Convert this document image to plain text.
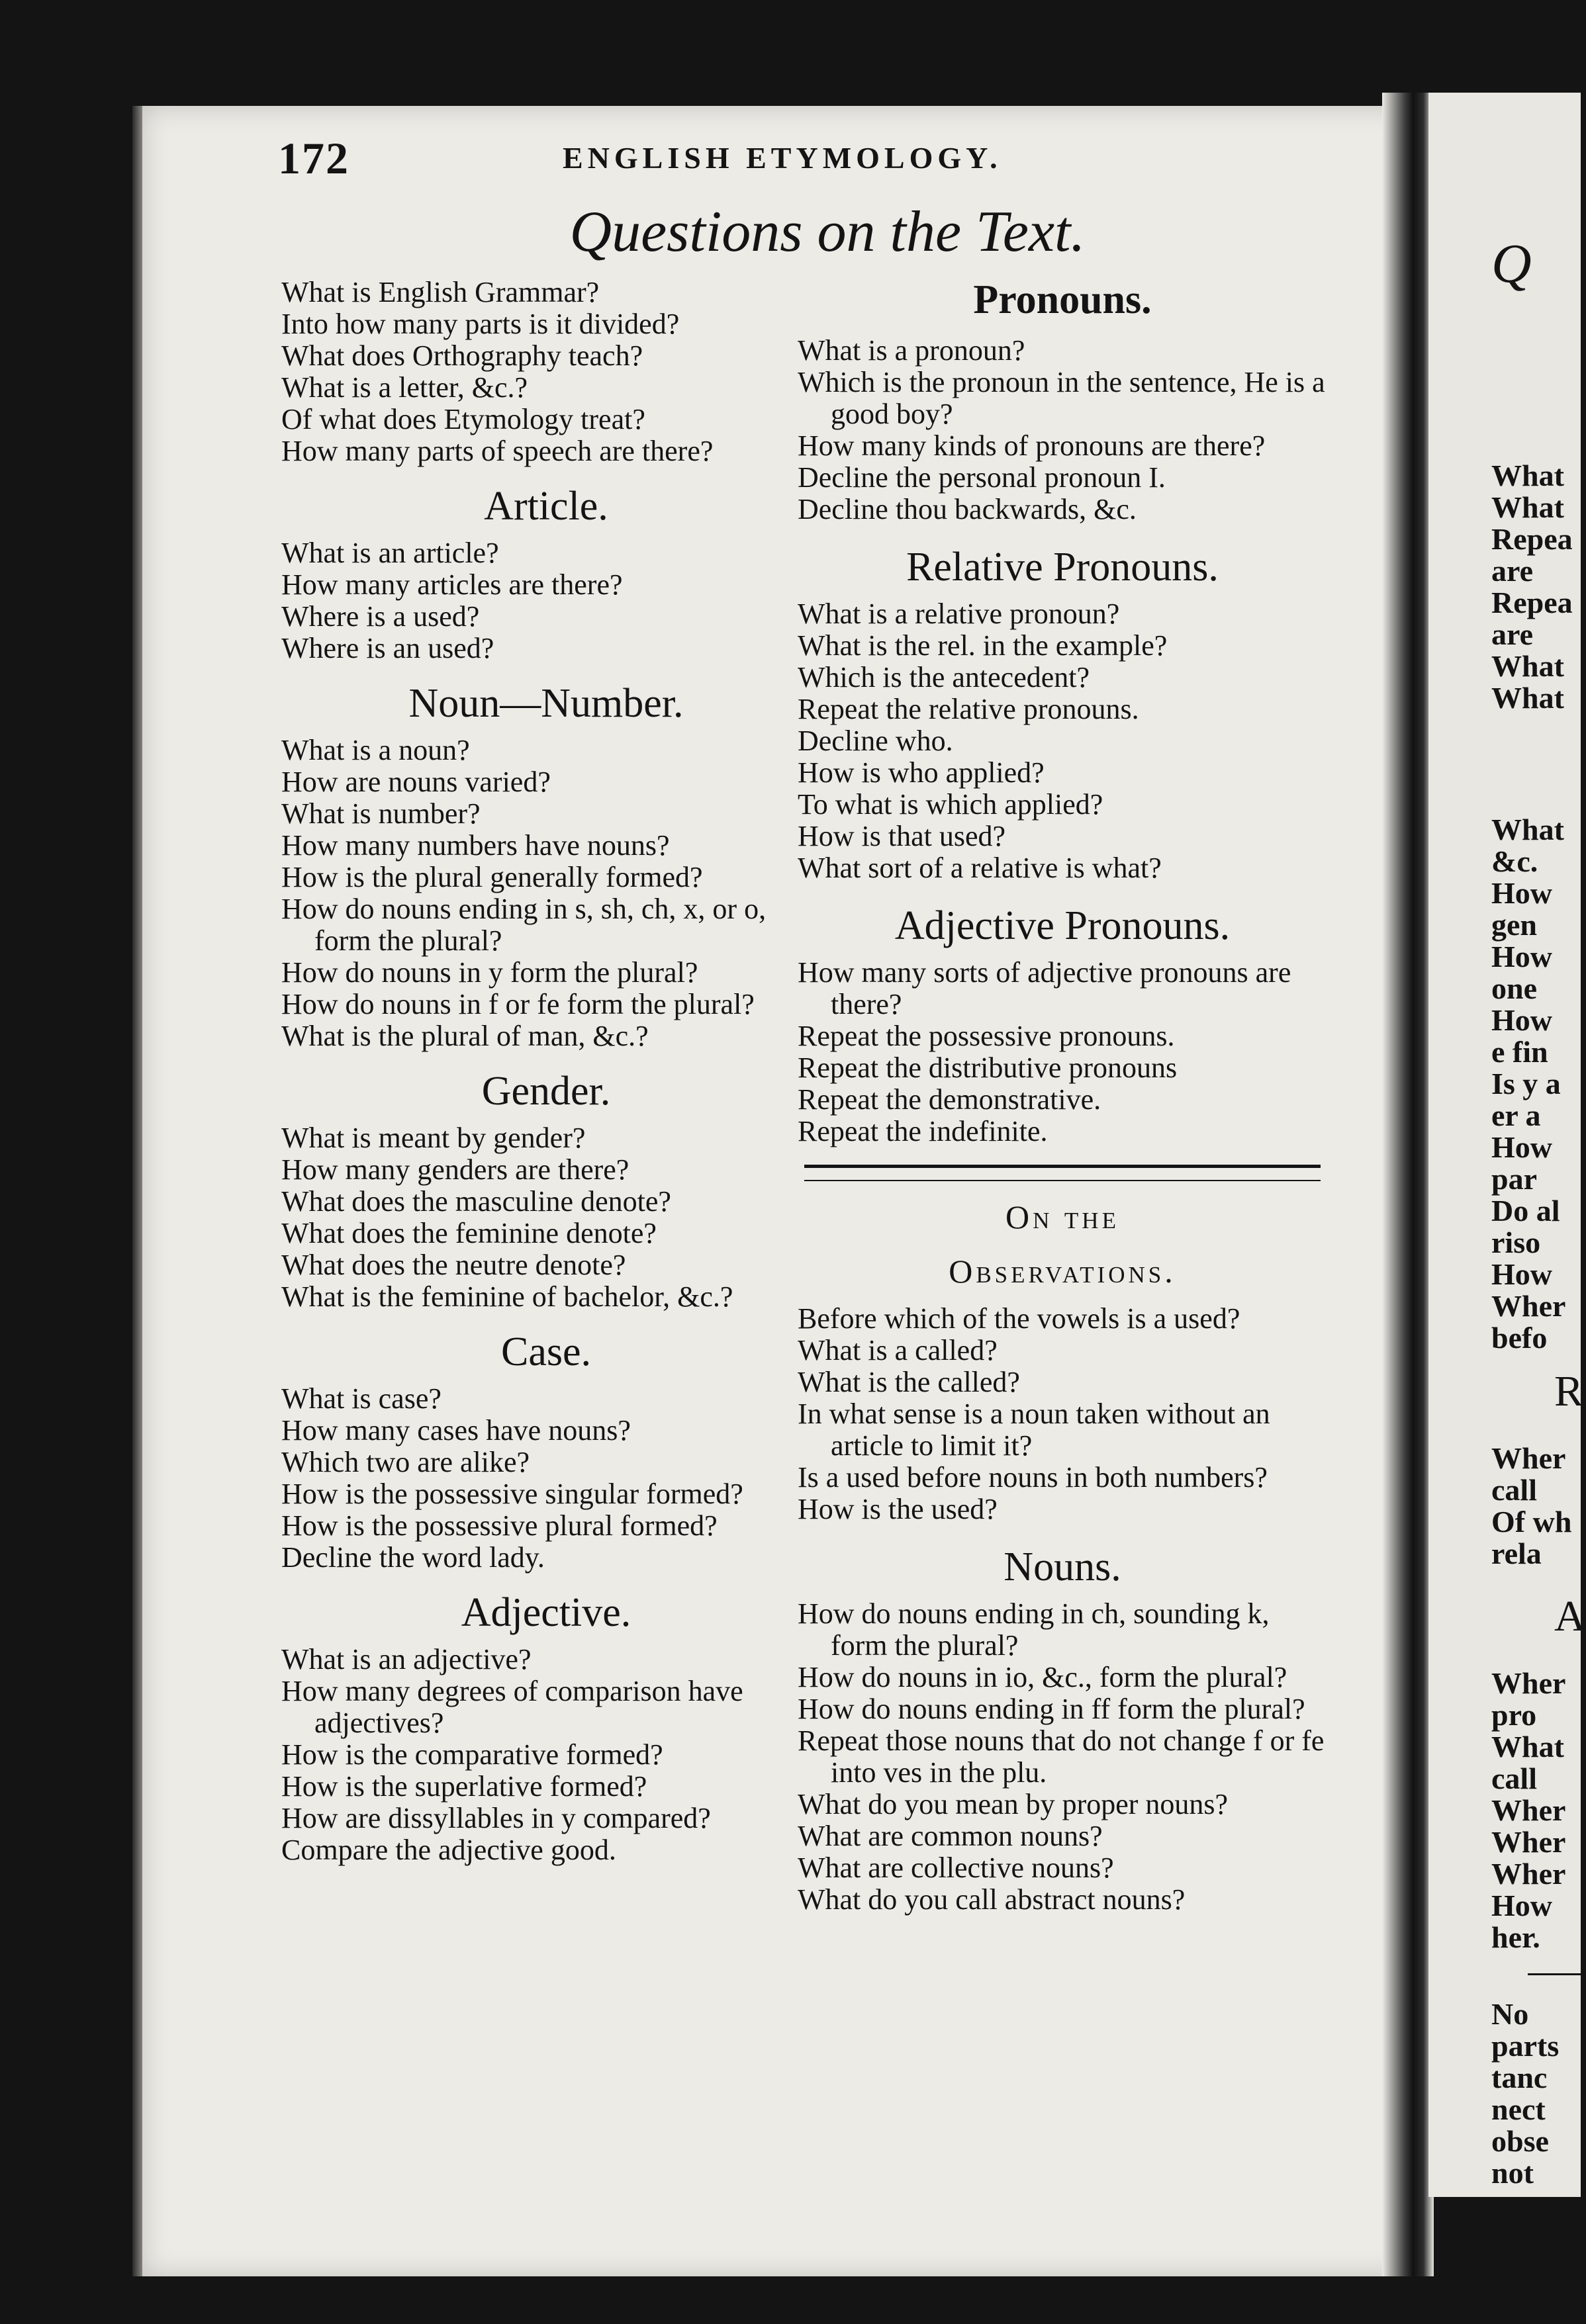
Q
What
What
Repea
are
Repea
are
What
What
What
&c.
How
gen
How
one
How
e fin
Is y a
er a
How
par
Do al
riso
How
Wher
befo
R
Wher
call
Of wh
rela
A
Wher
pro
What
call
Wher
Wher
Wher
How
her.
No
parts
tanc
nect
obse
not
172	ENGLISH ETYMOLOGY.
Questions on the Text.

What is English Grammar?

Into how many parts is it divided?

What does Orthography teach?

What is a letter, &c.?

Of what does Etymology treat?

How many parts of speech are there?

Article.

What is an article?

How many articles are there?

Where is a used?

Where is an used?

Noun—Number.

What is a noun?

How are nouns varied?

What is number?

How many numbers have nouns?

How is the plural generally formed?

How do nouns ending in s, sh, ch, x, or o, form the plural?

How do nouns in y form the plural?

How do nouns in f or fe form the plural?

What is the plural of man, &c.?

Gender.

What is meant by gender?

How many genders are there?

What does the masculine denote?

What does the feminine denote?

What does the neutre denote?

What is the feminine of bachelor, &c.?

Case.

What is case?

How many cases have nouns?

Which two are alike?

How is the possessive singular formed?

How is the possessive plural formed?

Decline the word lady.

Adjective.

What is an adjective?

How many degrees of comparison have adjectives?

How is the comparative formed?

How is the superlative formed?

How are dissyllables in y compared?

Compare the adjective good.

Pronouns.

What is a pronoun?

Which is the pronoun in the sentence, He is a good boy?

How many kinds of pronouns are there?

Decline the personal pronoun I.

Decline thou backwards, &c.

Relative Pronouns.

What is a relative pronoun?

What is the rel. in the example?

Which is the antecedent?

Repeat the relative pronouns.

Decline who.

How is who applied?

To what is which applied?

How is that used?

What sort of a relative is what?

Adjective Pronouns.

How many sorts of adjective pronouns are there?

Repeat the possessive pronouns.

Repeat the distributive pronouns

Repeat the demonstrative.

Repeat the indefinite.

On the
Observations.

Before which of the vowels is a used?

What is a called?

What is the called?

In what sense is a noun taken without an article to limit it?

Is a used before nouns in both numbers?

How is the used?

Nouns.

How do nouns ending in ch, sounding k, form the plural?

How do nouns in io, &c., form the plural?

How do nouns ending in ff form the plural?

Repeat those nouns that do not change f or fe into ves in the plu.

What do you mean by proper nouns?

What are common nouns?

What are collective nouns?

What do you call abstract nouns?
